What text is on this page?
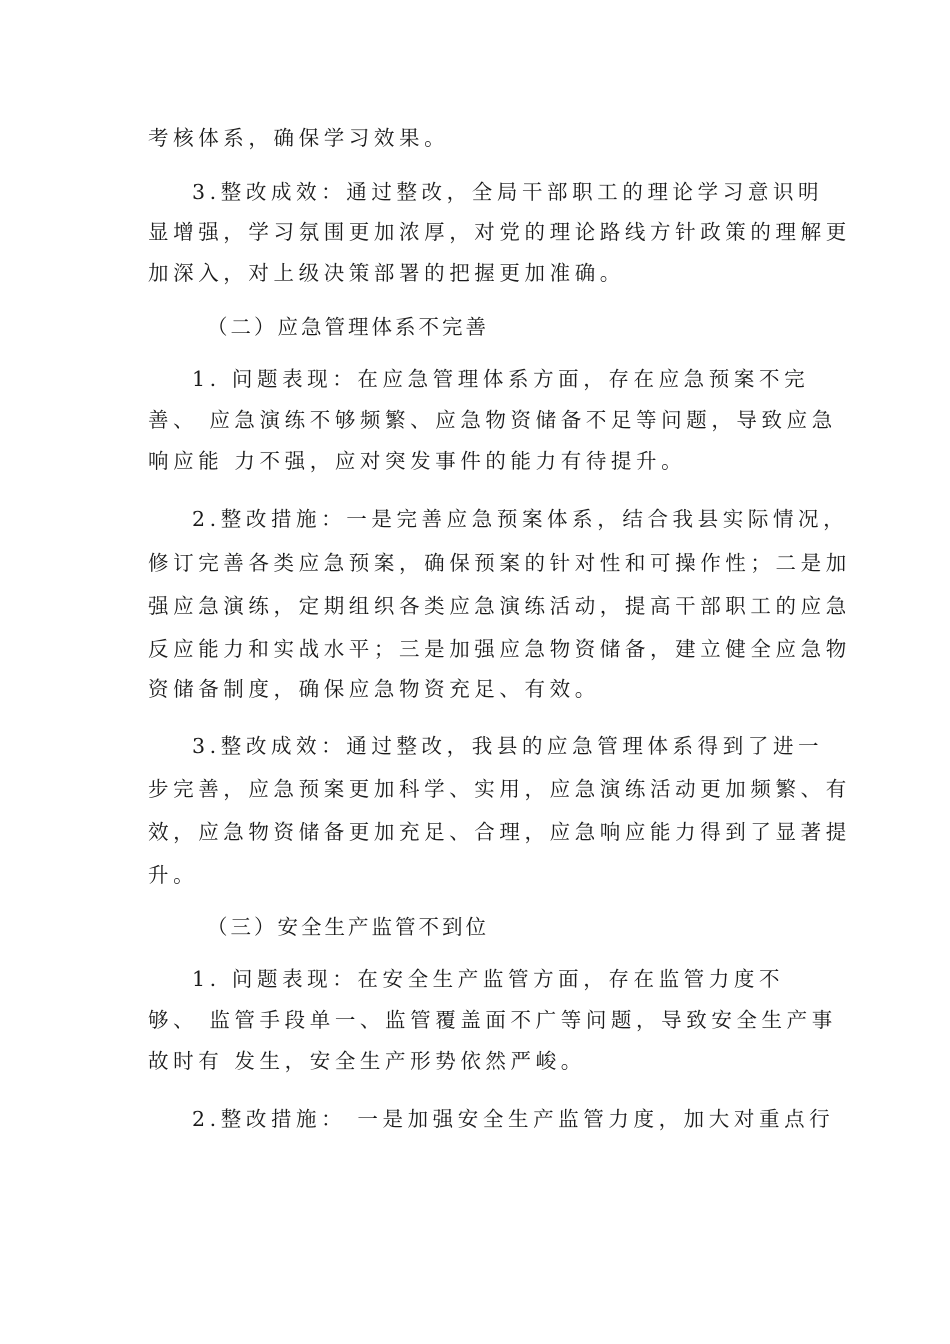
考核体系，确保学习效果。
3.整改成效：通过整改，全局干部职工的理论学习意识明
显增强，学习氛围更加浓厚，对党的理论路线方针政策的理解更
加深入，对上级决策部署的把握更加准确。
（二）应急管理体系不完善
1. 问题表现：在应急管理体系方面，存在应急预案不完
善、 应急演练不够频繁、应急物资储备不足等问题，导致应急
响应能 力不强，应对突发事件的能力有待提升。
2.整改措施：一是完善应急预案体系，结合我县实际情况，
修订完善各类应急预案，确保预案的针对性和可操作性；二是加
强应急演练，定期组织各类应急演练活动，提高干部职工的应急
反应能力和实战水平；三是加强应急物资储备，建立健全应急物
资储备制度，确保应急物资充足、有效。
3.整改成效：通过整改，我县的应急管理体系得到了进一
步完善，应急预案更加科学、实用，应急演练活动更加频繁、有
效，应急物资储备更加充足、合理，应急响应能力得到了显著提
升。
（三）安全生产监管不到位
1. 问题表现：在安全生产监管方面，存在监管力度不
够、 监管手段单一、监管覆盖面不广等问题，导致安全生产事
故时有 发生，安全生产形势依然严峻。
2.整改措施： 一是加强安全生产监管力度，加大对重点行
